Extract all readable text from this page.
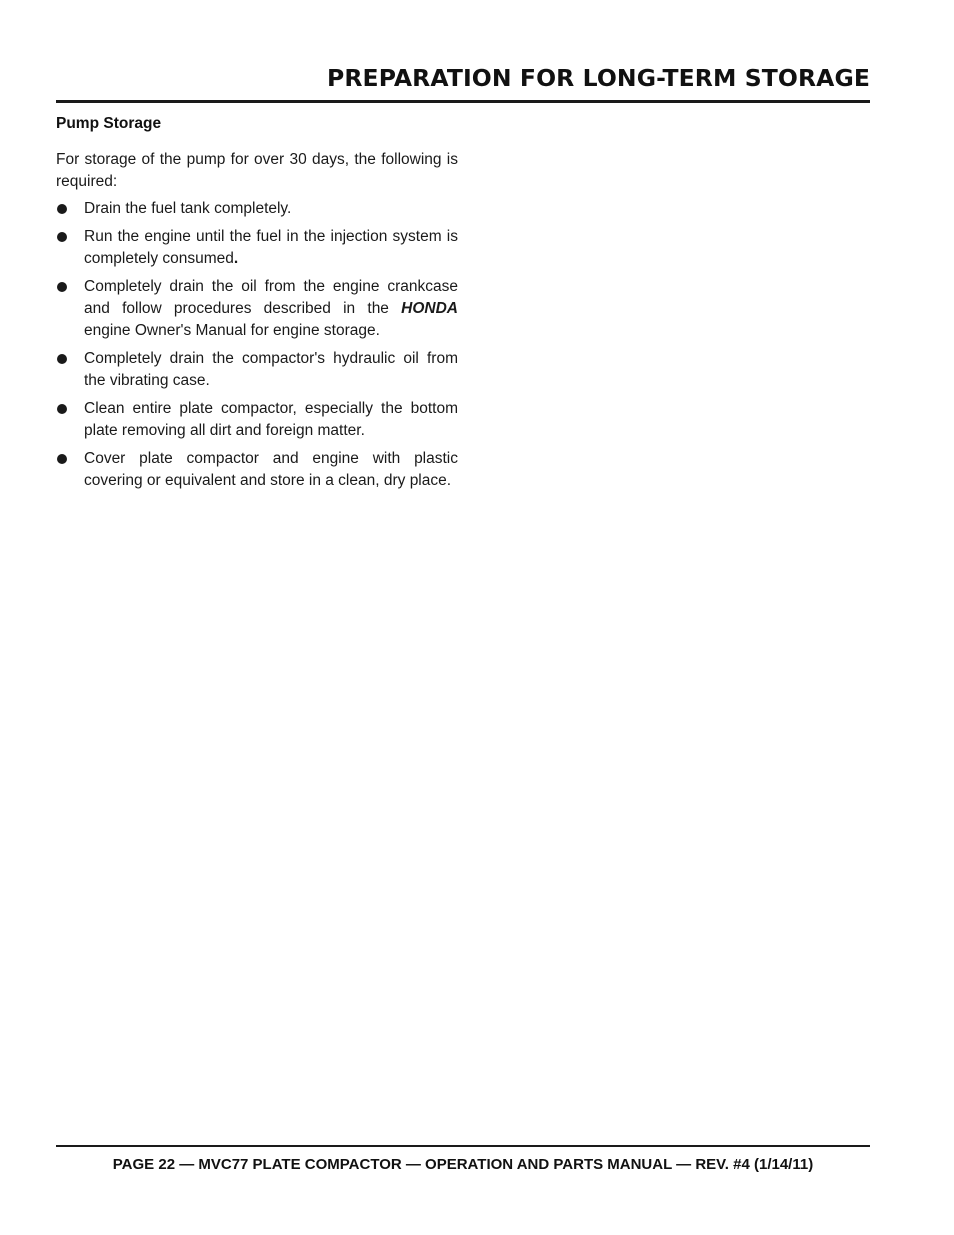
PREPARATION FOR LONG-TERM STORAGE
Pump Storage

For storage of the pump for over 30 days, the following is required:

Drain the fuel tank completely.
Run the engine until the fuel in the injection system is completely consumed.
Completely drain the oil from the engine crankcase and follow procedures described in the HONDA engine Owner's Manual for engine storage.
Completely drain the compactor's hydraulic oil from the vibrating case.
Clean entire plate compactor, especially the bottom plate removing all dirt and foreign matter.
Cover plate compactor and engine with plastic covering or equivalent and store in a clean, dry place.

PAGE 22 — MVC77 PLATE COMPACTOR — OPERATION AND PARTS MANUAL — REV. #4 (1/14/11)
